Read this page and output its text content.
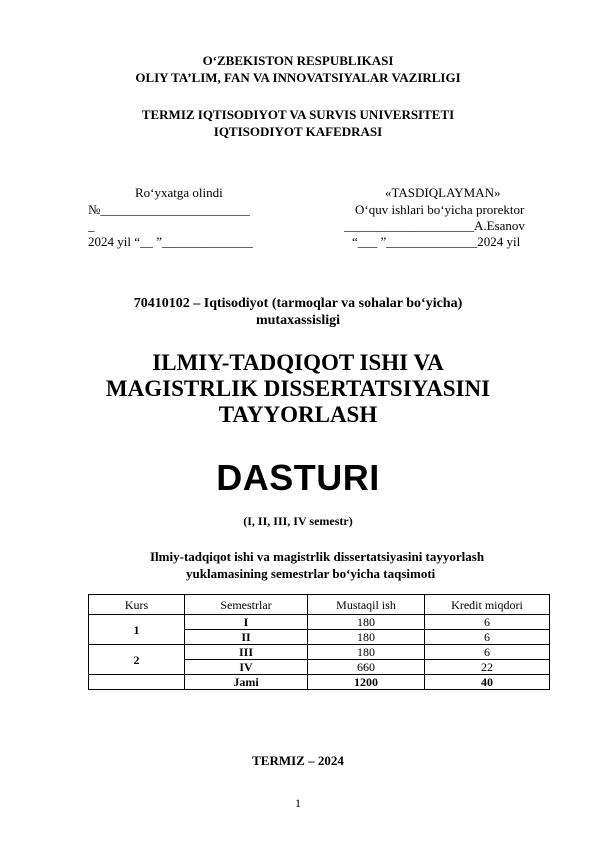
O‘ZBEKISTON RESPUBLIKASI
OLIY TA’LIM, FAN VA INNOVATSIYALAR VAZIRLIGI
TERMIZ IQTISODIYOT VA SURVIS UNIVERSITETI
IQTISODIYOT KAFEDRASI
Ro‘yxatga olindi
№_______________________
_
2024 yil “__ ”______________
«TASDIQLAYMAN»
O‘quv ishlari bo‘yicha prorektor
____________________A.Esanov
“___ ”______________2024 yil
70410102 – Iqtisodiyot (tarmoqlar va sohalar bo‘yicha)
mutaxassisligi
ILMIY-TADQIQOT ISHI VA
MAGISTRLIK DISSERTATSIYASINI
TAYYORLASH
DASTURI
(I, II, III, IV semestr)
Ilmiy-tadqiqot ishi va magistrlik dissertatsiyasini tayyorlash
yuklamasining semestrlar bo‘yicha taqsimoti
Kurs	Semestrlar	Mustaqil ish	Kredit miqdori
1	I	180	6
	II	180	6
2	III	180	6
	IV	660	22
	Jami	1200	40
TERMIZ – 2024
1
